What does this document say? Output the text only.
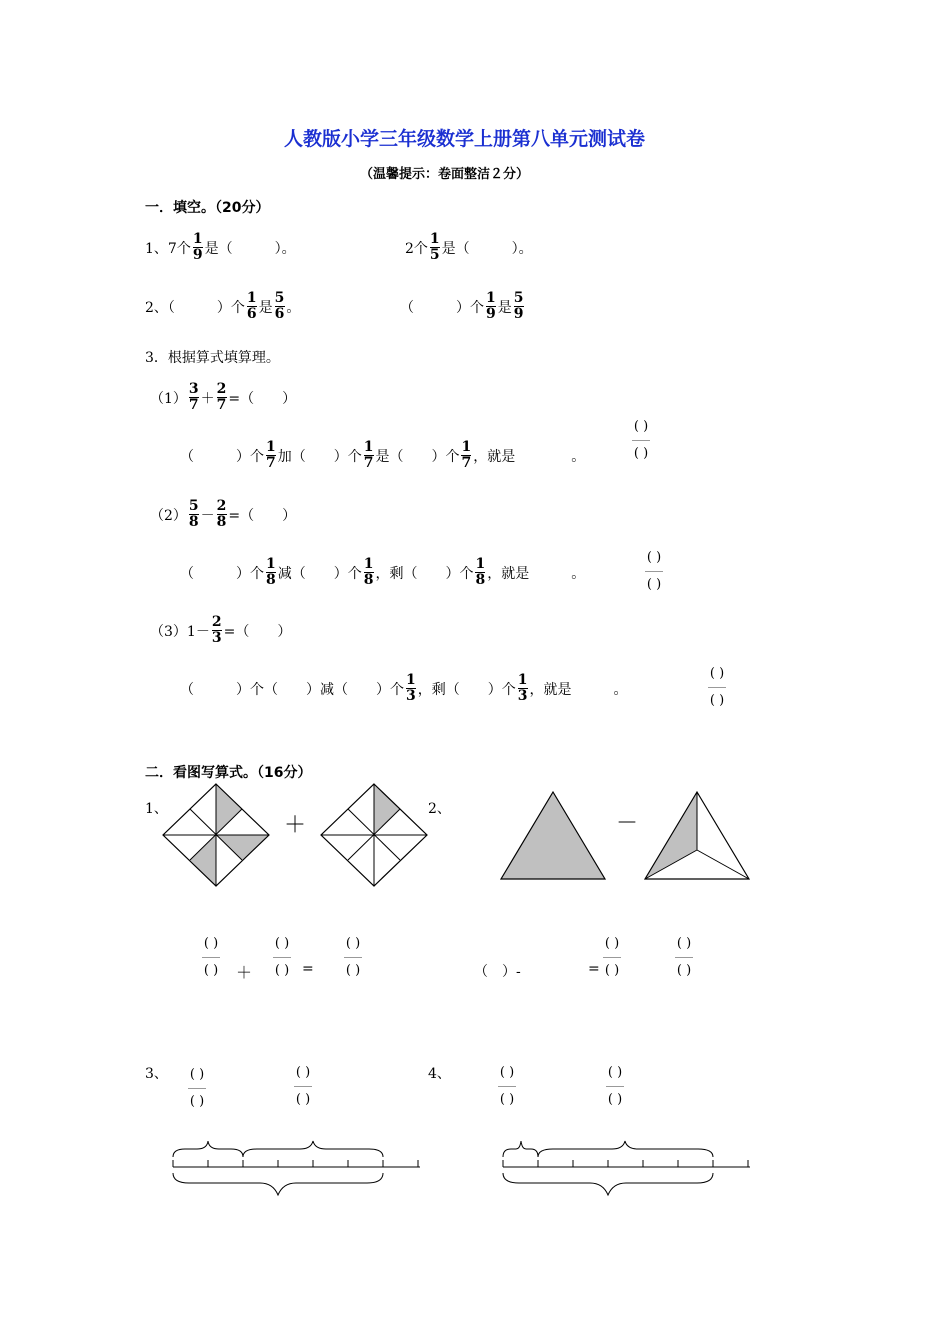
人教版小学三年级数学上册第八单元测试卷
（温馨提示：卷面整洁２分）
一．填空。（20分）
1、7个 $\frac{1}{9}$ 是（　　　）。	2个 $\frac{1}{5}$ 是（　　　）。
2、（　　　）个 $\frac{1}{6}$ 是 $\frac{5}{6}$ 。	（　　　）个 $\frac{1}{9}$ 是 $\frac{5}{9}$
3．根据算式填算理。
$(1) \frac{3}{7} + \frac{2}{7}$ =（　　）
（　　　）个 $\frac{1}{7}$ 加（　　）个 $\frac{1}{7}$ 是（　　）个 $\frac{1}{7}$ ，就是　　　　。
( )
( )
$(2) \frac{5}{8} - \frac{2}{8}$ =（　　）
（　　　）个 $\frac{1}{8}$ 减（　　）个 $\frac{1}{8}$ ，剩（　　）个 $\frac{1}{8}$ ，就是　　　。
( )
( )
（3） $1- \frac{2}{3}$ =（　　）
（　　　）个（　　）减（　　）个 $\frac{1}{3}$ ，剩（　　）个 $\frac{1}{3}$ ，就是　　　。
( )
( )
二．看图写算式。（16分）
1、	2、
＋	－
( )
( ) ＋
( )
( ) =
( )
( )	（　）-	=
( )
( )
( )
( )
3、 ( )
( )
( )
( )
4、	( )
( )
( )
( )
